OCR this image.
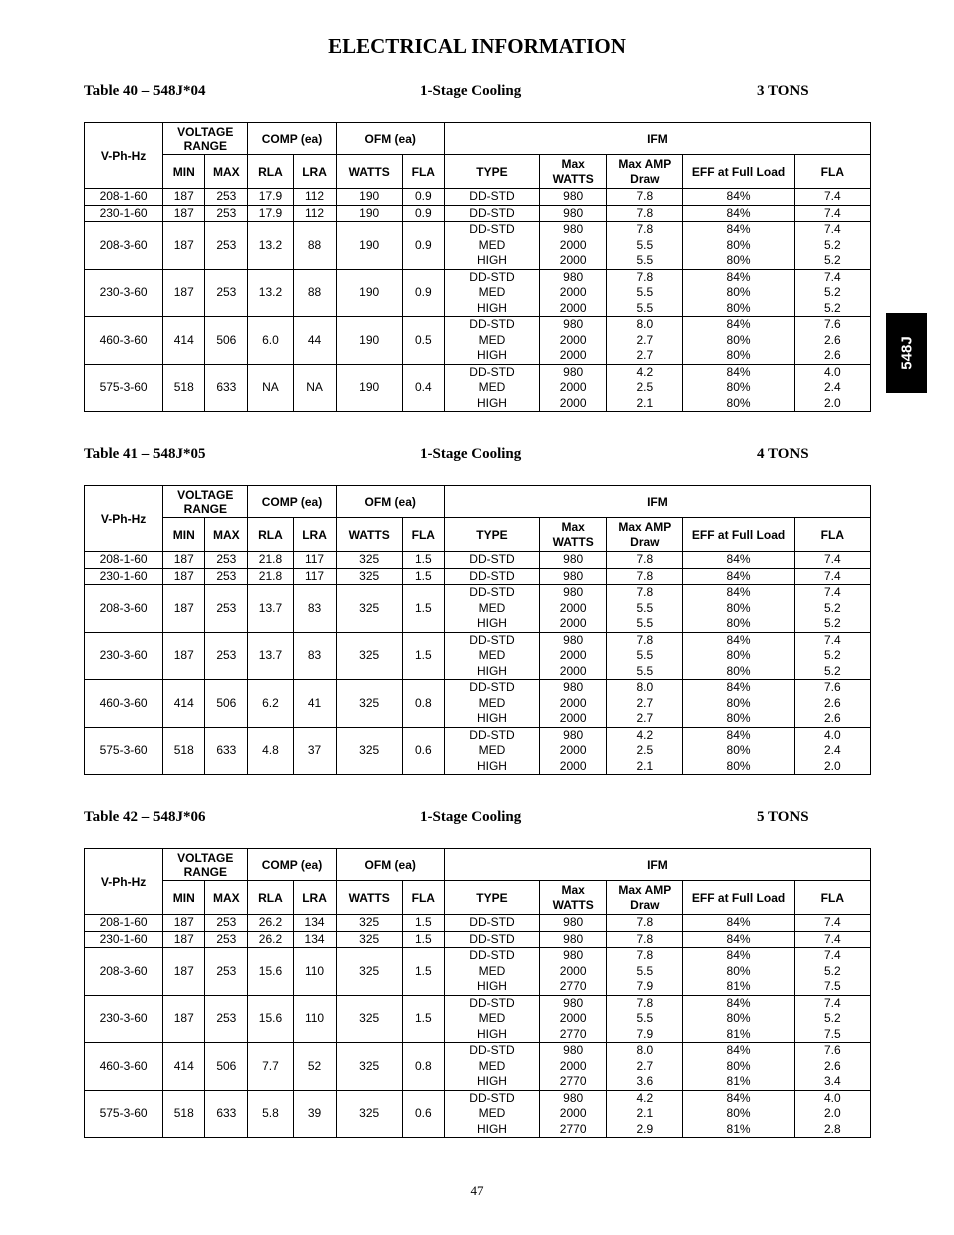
ELECTRICAL INFORMATION
Table 40 – 548J*04	1-Stage Cooling	3 TONS
V-Ph-Hz	VOLTAGE RANGE		COMP (ea)		OFM (ea)		IFM				
	MIN	MAX	RLA	LRA	WATTS	FLA	TYPE	Max WATTS	Max AMP Draw	EFF at Full Load	FLA
208-1-60	187	253	17.9	112	190	0.9	DD-STD	980	7.8	84%	7.4
230-1-60	187	253	17.9	112	190	0.9	DD-STD	980	7.8	84%	7.4
208-3-60	187	253	13.2	88	190	0.9	DD-STD	980	7.8	84%	7.4
							MED	2000	5.5	80%	5.2
							HIGH	2000	5.5	80%	5.2
230-3-60	187	253	13.2	88	190	0.9	DD-STD	980	7.8	84%	7.4
							MED	2000	5.5	80%	5.2
							HIGH	2000	5.5	80%	5.2
460-3-60	414	506	6.0	44	190	0.5	DD-STD	980	8.0	84%	7.6
							MED	2000	2.7	80%	2.6
							HIGH	2000	2.7	80%	2.6
575-3-60	518	633	NA	NA	190	0.4	DD-STD	980	4.2	84%	4.0
							MED	2000	2.5	80%	2.4
							HIGH	2000	2.1	80%	2.0
Table 41 – 548J*05	1-Stage Cooling	4 TONS
V-Ph-Hz	VOLTAGE RANGE		COMP (ea)		OFM (ea)		IFM				
	MIN	MAX	RLA	LRA	WATTS	FLA	TYPE	Max WATTS	Max AMP Draw	EFF at Full Load	FLA
208-1-60	187	253	21.8	117	325	1.5	DD-STD	980	7.8	84%	7.4
230-1-60	187	253	21.8	117	325	1.5	DD-STD	980	7.8	84%	7.4
208-3-60	187	253	13.7	83	325	1.5	DD-STD	980	7.8	84%	7.4
							MED	2000	5.5	80%	5.2
							HIGH	2000	5.5	80%	5.2
230-3-60	187	253	13.7	83	325	1.5	DD-STD	980	7.8	84%	7.4
							MED	2000	5.5	80%	5.2
							HIGH	2000	5.5	80%	5.2
460-3-60	414	506	6.2	41	325	0.8	DD-STD	980	8.0	84%	7.6
							MED	2000	2.7	80%	2.6
							HIGH	2000	2.7	80%	2.6
575-3-60	518	633	4.8	37	325	0.6	DD-STD	980	4.2	84%	4.0
							MED	2000	2.5	80%	2.4
							HIGH	2000	2.1	80%	2.0
Table 42 – 548J*06	1-Stage Cooling	5 TONS
V-Ph-Hz	VOLTAGE RANGE		COMP (ea)		OFM (ea)		IFM				
	MIN	MAX	RLA	LRA	WATTS	FLA	TYPE	Max WATTS	Max AMP Draw	EFF at Full Load	FLA
208-1-60	187	253	26.2	134	325	1.5	DD-STD	980	7.8	84%	7.4
230-1-60	187	253	26.2	134	325	1.5	DD-STD	980	7.8	84%	7.4
208-3-60	187	253	15.6	110	325	1.5	DD-STD	980	7.8	84%	7.4
							MED	2000	5.5	80%	5.2
							HIGH	2770	7.9	81%	7.5
230-3-60	187	253	15.6	110	325	1.5	DD-STD	980	7.8	84%	7.4
							MED	2000	5.5	80%	5.2
							HIGH	2770	7.9	81%	7.5
460-3-60	414	506	7.7	52	325	0.8	DD-STD	980	8.0	84%	7.6
							MED	2000	2.7	80%	2.6
							HIGH	2770	3.6	81%	3.4
575-3-60	518	633	5.8	39	325	0.6	DD-STD	980	4.2	84%	4.0
							MED	2000	2.1	80%	2.0
							HIGH	2770	2.9	81%	2.8
548J
47
